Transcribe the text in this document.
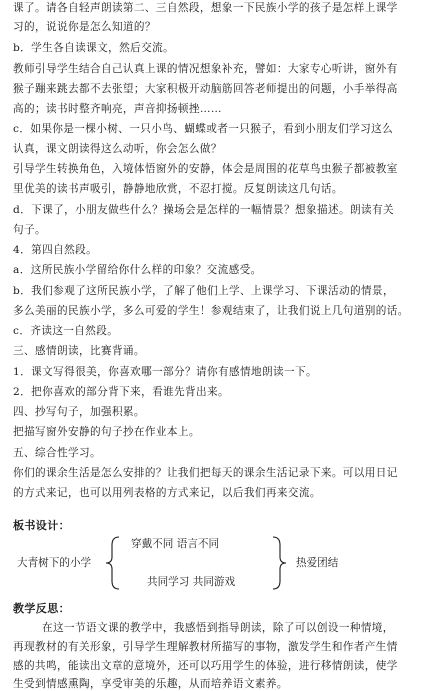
课了。请各自轻声朗读第二、三自然段，想象一下民族小学的孩子是怎样上课学
习的，说说你是怎么知道的？
b．学生各自读课文，然后交流。
教师引导学生结合自己认真上课的情况想象补充，譬如：大家专心听讲，窗外有
猴子蹦来跳去都不去张望；大家积极开动脑筋回答老师提出的问题，小手举得高
高的；读书时整齐响亮，声音抑扬顿挫……
c．如果你是一棵小树、一只小鸟、蝴蝶或者一只猴子，看到小朋友们学习这么
认真，课文朗读得这么动听，你会怎么做？
引导学生转换角色，入境体悟窗外的安静，体会是周围的花草鸟虫猴子都被教室
里优美的读书声吸引，静静地欣赏，不忍打搅。反复朗读这几句话。
d．下课了，小朋友做些什么？操场会是怎样的一幅情景？想象描述。朗读有关
句子。
4．第四自然段。
a．这所民族小学留给你什么样的印象？交流感受。
b．我们参观了这所民族小学，了解了他们上学、上课学习、下课活动的情景，
多么美丽的民族小学，多么可爱的学生！参观结束了，让我们说上几句道别的话。
c．齐读这一自然段。
三、感情朗读，比赛背诵。
1．课文写得很美，你喜欢哪一部分？请你有感情地朗读一下。
2．把你喜欢的部分背下来，看谁先背出来。
四、抄写句子，加强积累。
把描写窗外安静的句子抄在作业本上。
五、综合性学习。
你们的课余生活是怎么安排的？让我们把每天的课余生活记录下来。可以用日记
的方式来记，也可以用列表格的方式来记，以后我们再来交流。
板书设计：
穿戴不同 语言不同
大青树下的小学
共同学习 共同游戏
热爱团结
教学反思：
在这一节语文课的教学中，我感悟到指导朗读，除了可以创设一种情境，
再现教材的有关形象，引导学生理解教材所描写的事物，激发学生和作者产生情
感的共鸣，能读出文章的意境外，还可以巧用学生的体验，进行移情朗读，使学
生受到情感熏陶，享受审美的乐趣，从而培养语文素养。
